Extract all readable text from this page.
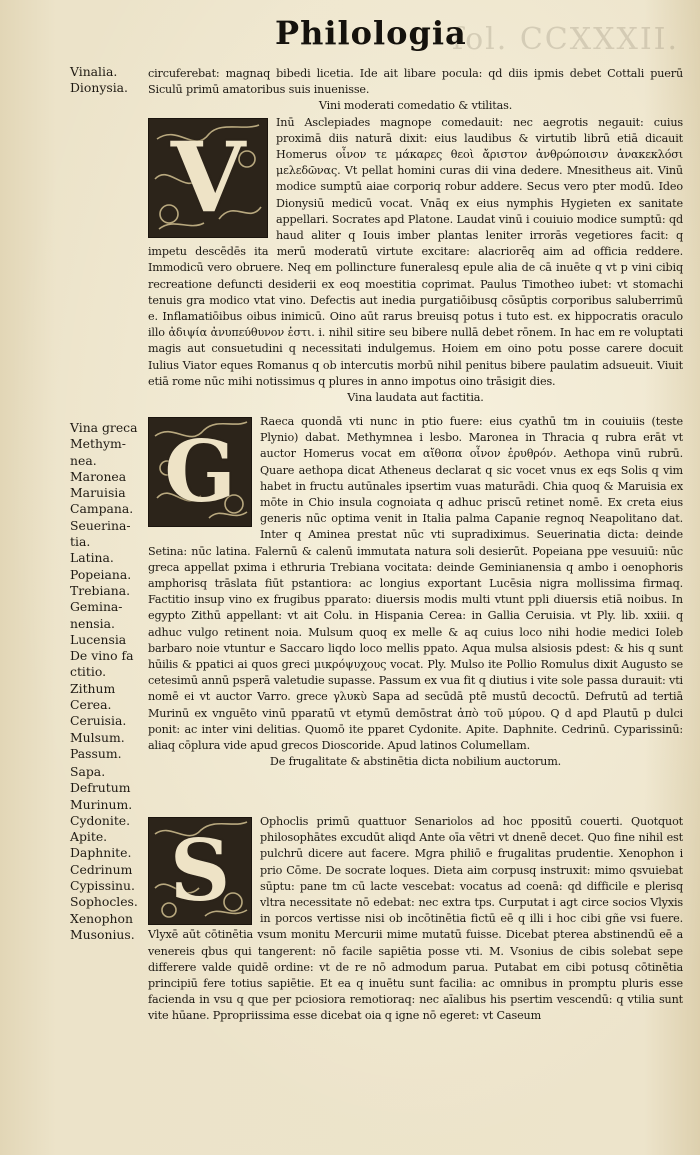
fol. CCXXXII.
Philologia
Vinalia.
Dionysia.
Vina greca
Methym-
nea.
Maronea
Maruisia
Campana.
Seuerina-
tia.
Latina.
Popeiana.
Trebiana.
Gemina-
nensia.
Lucensia
De vino fa
ctitio.
Zithum
Cerea.
Ceruisia.
Mulsum.
Passum.
Sapa.
Defrutum
Murinum.
Cydonite.
Apite.
Daphnite.
Cedrinum
Cypissinu.
Sophocles.
Xenophon
Musonius.

circuferebat: magnaq bibedi licetia. Ide ait libare pocula: qd diis ipmis debet Cottali puerū Siculū primū amatoribus suis inuenisse.

Vini moderati comedatio & vtilitas.

V	Inū Asclepiades magnope comedauit: nec aegrotis negauit: cuius proximā diis naturā dixit: eius laudibus & virtutib librū etiā dicauit Homerus οἶνον τε μάκαρες θεοὶ ἄριστον ἀνθρώποισιν ἀνακεκλόσι μελεδῶνας. Vt pellat homini curas dii vina dedere. Mnesitheus ait. Vinū modice sumptū aiae corporiq robur addere. Secus vero pter modū. Ideo Dionysiū medicū vocat. Vnāq ex eius nymphis Hygieten ex sanitate appellari. Socrates apd Platone. Laudat vinū i couiuio modice sumptū: qd haud aliter q Iouis imber plantas leniter irrorās vegetiores facit: q impetu descēdēs ita merū moderatū virtute excitare: alacriorēq aim ad officia reddere. Immodicū vero obruere. Neq em pollincture funeralesq epule alia de cā inuēte q vt p vini cibiq recreatione defuncti desiderii ex eoq moestitia coprimat. Paulus Timotheo iubet: vt stomachi tenuis gra modico vtat vino. Defectis aut inedia purgatiōibusq cōsūptis corporibus saluberrimū e. Inflamatiōibus oibus inimicū. Oino aūt rarus breuisq potus i tuto est. ex hippocratis oraculo illo ἀδιψία ἀνυπεύθυνον ἐστι. i. nihil sitire seu bibere nullā debet rōnem. In hac em re voluptati magis aut consuetudini q necessitati indulgemus. Hoiem em oino potu posse carere docuit Iulius Viator eques Romanus q ob intercutis morbū nihil penitus bibere paulatim adsueuit. Viuit etiā rome nūc mihi notissimus q plures in anno impotus oino trāsigit dies.

Vina laudata aut factitia.

G

Raeca quondā vti nunc in ptio fuere: eius cyathū tm in couiuiis (teste Plynio) dabat. Methymnea i lesbo. Maronea in Thracia q rubra erāt vt auctor Homerus vocat em αἴθοπα οἶνον ἐρυθρόν. Aethopa vinū rubrū. Quare aethopa dicat Atheneus declarat q sic vocet vnus ex eqs Solis q vim habet in fructu autūnales ipsertim vuas maturādi. Chia quoq & Maruisia ex mōte in Chio insula cognoiata q adhuc priscū retinet nomē. Ex creta eius generis nūc optima venit in Italia palma Capanie regnoq Neapolitano dat. Inter q Aminea prestat nūc vti supradiximus. Seuerinatia dicta: deinde Setina: nūc latina. Falernū & calenū immutata natura soli desierūt. Popeiana ppe vesuuiū: nūc greca appellat pxima i ethruria Trebiana vocitata: deinde Geminianensia q ambo i oenophoris amphorisq trāslata fiūt pstantiora: ac longius exportant Lucēsia nigra mollissima firmaq. Factitio insup vino ex frugibus pparato: diuersis modis multi vtunt ppli diuersis etiā noibus. In egypto Zithū appellant: vt ait Colu. in Hispania Cerea: in Gallia Ceruisia. vt Ply. lib. xxiii. q adhuc vulgo retinent noia. Mulsum quoq ex melle & aq cuius loco nihi hodie medici Ioleb barbaro noie vtuntur e Saccaro liqdo loco mellis ppato. Aqua mulsa alsiosis pdest: & his q sunt hūilis & ppatici ai quos greci μικρόψυχους vocat. Ply. Mulso ite Pollio Romulus dixit Augusto se cetesimū annū psperā valetudie supasse. Passum ex vua fit q diutius i vite sole passa durauit: vti nomē ei vt auctor Varro. grece γλυκὺ Sapa ad secūdā ptē mustū decoctū. Defrutū ad tertiā Murinū ex vnguēto vinū pparatū vt etymū demōstrat ἀπὸ τοῦ μύρου. Q d apd Plautū p dulci ponit: ac inter vini delitias. Quomō ite pparet Cydonite. Apite. Daphnite. Cedrinū. Cyparissinū: aliaq cōplura vide apud grecos Dioscoride. Apud latinos Columellam.

De frugalitate & abstinētia dicta nobilium auctorum.

S	Ophoclis primū quattuor Senariolos ad hoc ppositū couerti. Quotquot philosophātes excudūt aliqd Ante oīa vētri vt dnenē decet. Quo fine nihil est pulchrū dicere aut facere. Mgra philiō e frugalitas prudentie. Xenophon i prio Cōme. De socrate loques. Dieta aim corpusq instruxit: mimo qsvuiebat sūptu: pane tm cū lacte vescebat: vocatus ad coenā: qd difficile e plerisq vltra necessitate nō edebat: nec extra tps. Curputat i agt circe socios Vlyxis in porcos vertisse nisi ob incōtinētia fictū eē q illi i hoc cibi gñe vsi fuere. Vlyxē aūt cōtinētia vsum monitu Mercurii mime mutatū fuisse. Dicebat pterea abstinendū eē a venereis qbus qui tangerent: nō facile sapiētia posse vti. M. Vsonius de cibis solebat sepe differere valde quidē ordine: vt de re nō admodum parua. Putabat em cibi potusq cōtinētia principiū fere totius sapiētie. Et ea q inuētu sunt facilia: ac omnibus in promptu pluris esse facienda in vsu q que per pciosiora remotioraq: nec aīalibus his psertim vescendū: q vtilia sunt vite hūane. Ppropriissima esse dicebat oia q igne nō egeret: vt Caseum
